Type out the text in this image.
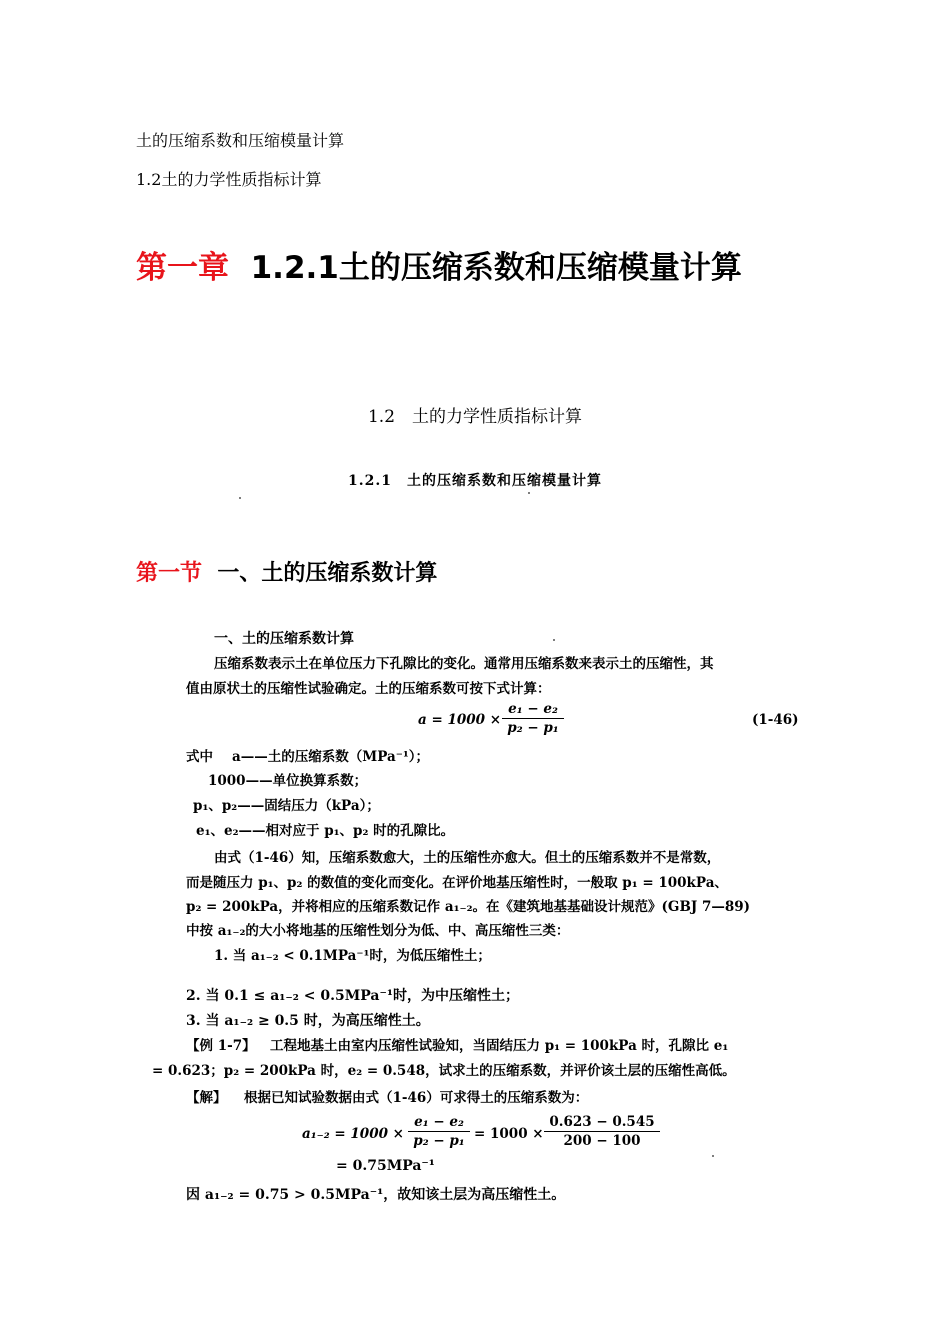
土的压缩系数和压缩模量计算
1.2土的力学性质指标计算
第一章 1.2.1土的压缩系数和压缩模量计算
1.2　土的力学性质指标计算
1.2.1　土的压缩系数和压缩模量计算
第一节 一、土的压缩系数计算
一、土的压缩系数计算
压缩系数表示土在单位压力下孔隙比的变化。通常用压缩系数来表示土的压缩性，其
值由原状土的压缩性试验确定。土的压缩系数可按下式计算：
$a = 1000 \times \frac{\text{e₁ − e₂}}{\text{p₂ − p₁}}$	(1-46)
式中 a——土的压缩系数（MPa⁻¹）；
1000——单位换算系数；
p₁、p₂——固结压力（kPa）；
e₁、e₂——相对应于 p₁、p₂ 时的孔隙比。
由式（1-46）知，压缩系数愈大，土的压缩性亦愈大。但土的压缩系数并不是常数，
而是随压力 p₁、p₂ 的数值的变化而变化。在评价地基压缩性时，一般取 p₁ = 100kPa、
p₂ = 200kPa，并将相应的压缩系数记作 a₁₋₂。在《建筑地基基础设计规范》(GBJ 7—89)
中按 a₁₋₂的大小将地基的压缩性划分为低、中、高压缩性三类：
1. 当 a₁₋₂ < 0.1MPa⁻¹时，为低压缩性土；
2. 当 0.1 ≤ a₁₋₂ < 0.5MPa⁻¹时，为中压缩性土；
3. 当 a₁₋₂ ≥ 0.5 时，为高压缩性土。
【例 1-7】 工程地基土由室内压缩性试验知，当固结压力 p₁ = 100kPa 时，孔隙比 e₁
= 0.623；p₂ = 200kPa 时，e₂ = 0.548，试求土的压缩系数，并评价该土层的压缩性高低。
【解】 根据已知试验数据由式（1-46）可求得土的压缩系数为：
$a_{1-2} = 1000 \times \frac{\text{e₁ − e₂}}{\text{p₂ − p₁}} = 1000 \times \frac{0.623 - 0.545}{200 - 100}$
= 0.75MPa⁻¹
因 a₁₋₂ = 0.75 > 0.5MPa⁻¹，故知该土层为高压缩性土。
